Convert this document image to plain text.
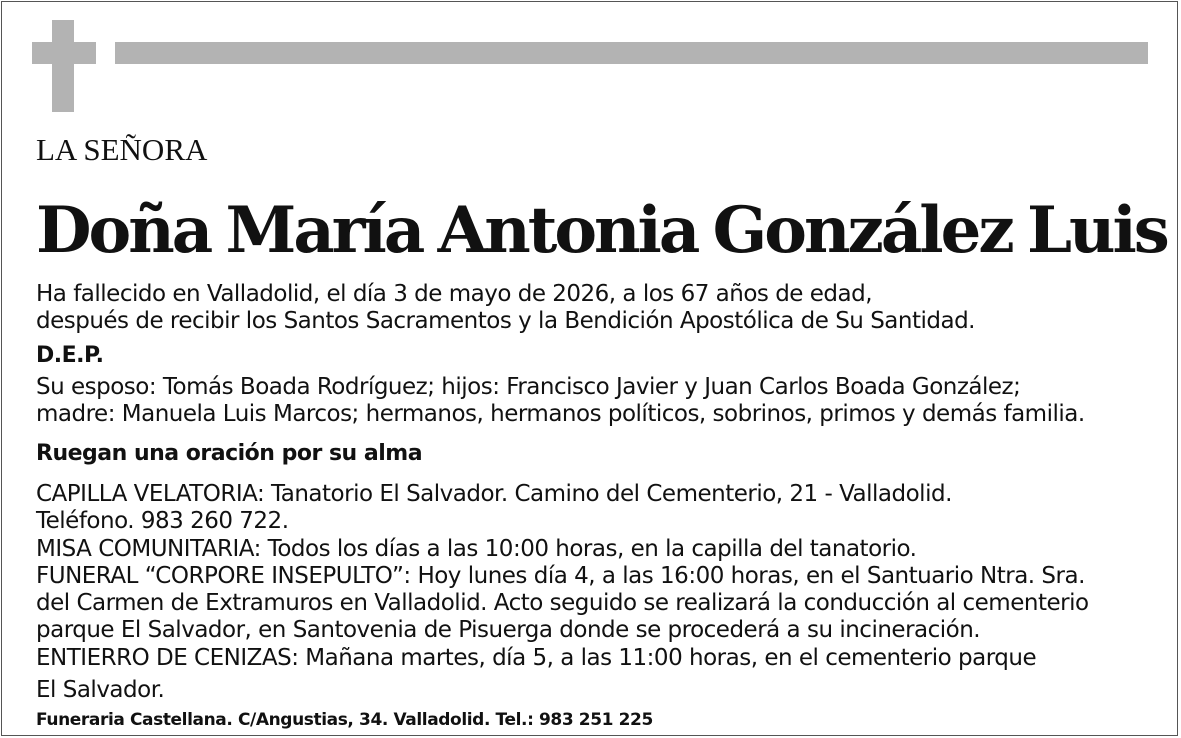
LA SEÑORA
Doña María Antonia González Luis
Ha fallecido en Valladolid, el día 3 de mayo de 2026, a los 67 años de edad,
después de recibir los Santos Sacramentos y la Bendición Apostólica de Su Santidad.
D.E.P.
Su esposo: Tomás Boada Rodríguez; hijos: Francisco Javier y Juan Carlos Boada González;
madre: Manuela Luis Marcos; hermanos, hermanos políticos, sobrinos, primos y demás familia.
Ruegan una oración por su alma
CAPILLA VELATORIA: Tanatorio El Salvador. Camino del Cementerio, 21 - Valladolid.
Teléfono. 983 260 722.
MISA COMUNITARIA: Todos los días a las 10:00 horas, en la capilla del tanatorio.
FUNERAL “CORPORE INSEPULTO”: Hoy lunes día 4, a las 16:00 horas, en el Santuario Ntra. Sra.
del Carmen de Extramuros en Valladolid. Acto seguido se realizará la conducción al cementerio
parque El Salvador, en Santovenia de Pisuerga donde se procederá a su incineración.
ENTIERRO DE CENIZAS: Mañana martes, día 5, a las 11:00 horas, en el cementerio parque
El Salvador.
Funeraria Castellana. C/Angustias, 34. Valladolid. Tel.: 983 251 225
